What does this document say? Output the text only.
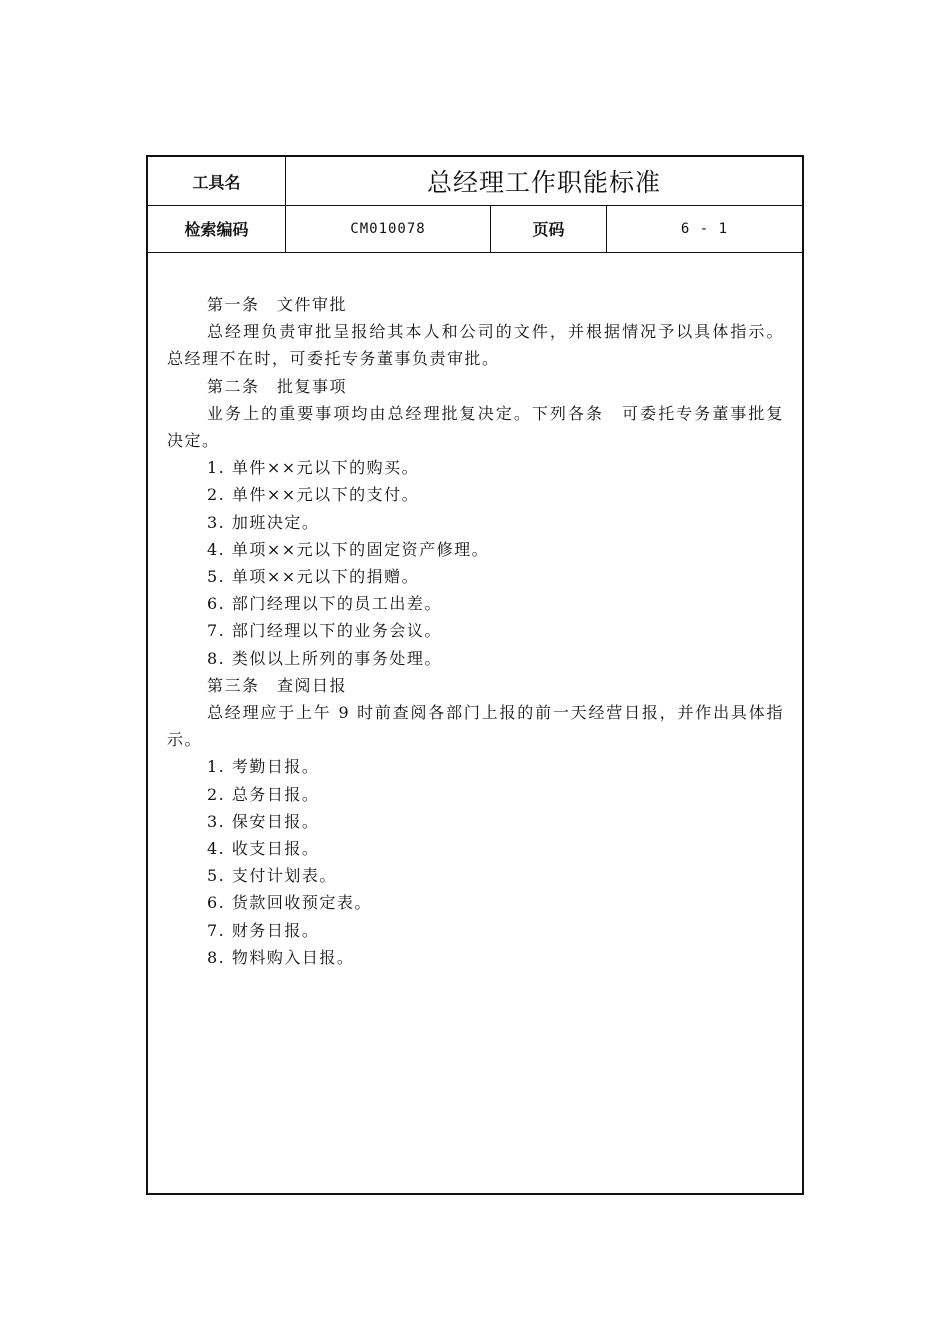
工具名	总经理工作职能标准
检索编码	CM010078	页码	6 - 1

第一条　文件审批

总经理负责审批呈报给其本人和公司的文件，并根据情况予以具体指示。总经理不在时，可委托专务董事负责审批。

第二条　批复事项

业务上的重要事项均由总经理批复决定。下列各条　可委托专务董事批复决定。

1. 单件××元以下的购买。

2. 单件××元以下的支付。

3. 加班决定。

4. 单项××元以下的固定资产修理。

5. 单项××元以下的捐赠。

6. 部门经理以下的员工出差。

7. 部门经理以下的业务会议。

8. 类似以上所列的事务处理。

第三条　查阅日报

总经理应于上午 9 时前查阅各部门上报的前一天经营日报，并作出具体指示。

1. 考勤日报。

2. 总务日报。

3. 保安日报。

4. 收支日报。

5. 支付计划表。

6. 货款回收预定表。

7. 财务日报。

8. 物料购入日报。
